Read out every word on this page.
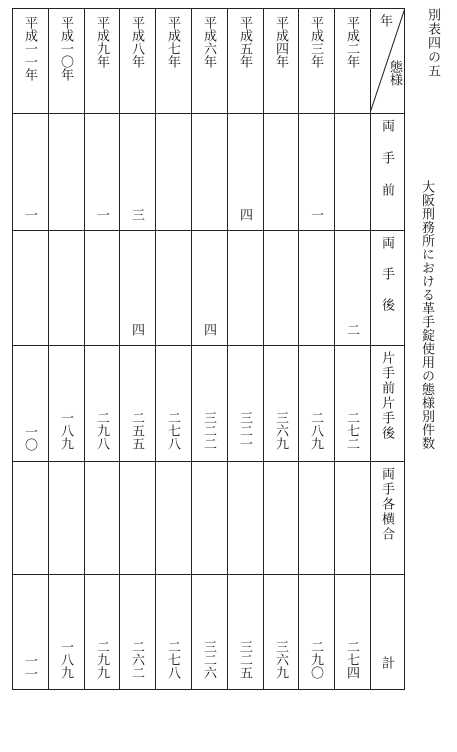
別表四の五
大阪刑務所における革手錠使用の態様別件数
年
態様
両手前
両手後
片手前片手後
両手各横合
計
平成二年
二
二七二
二七四
平成三年
一
二八九
二九〇
平成四年
三六九
三六九
平成五年
四
三二一
三二五
平成六年
四
三二二
三二六
平成七年
二七八
二七八
平成八年
三
四
二五五
二六二
平成九年
一
二九八
二九九
平成一〇年
一八九
一八九
平成一一年
一
一〇
一一
